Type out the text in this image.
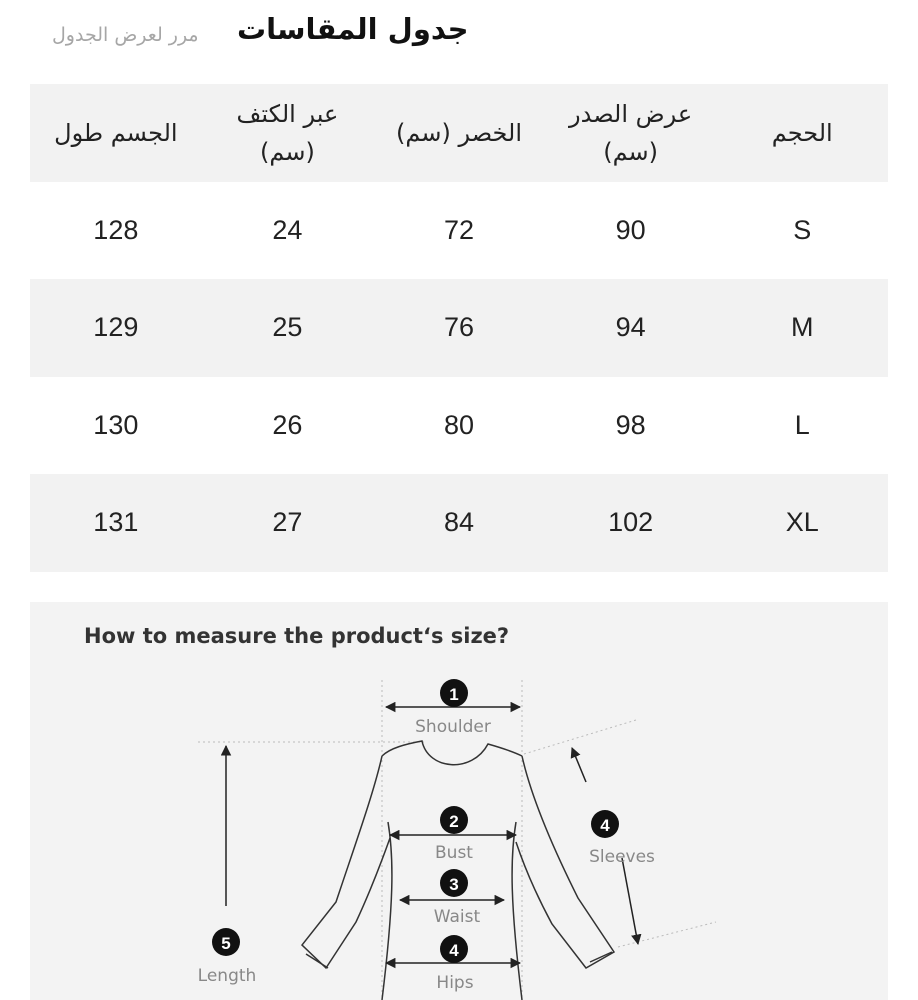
جدول المقاسات
مرر لعرض الجدول
الحجم
عرض الصدر (سم)
الخصر (سم)
عبر الكتف (سم)
الجسم طول
S
90
72
24
128
M
94
76
25
129
L
98
80
26
130
XL
102
84
27
131
How to measure the product‘s size?
1
Shoulder
2
Bust
3
Waist
4
Sleeves
4
Hips
5
Length
